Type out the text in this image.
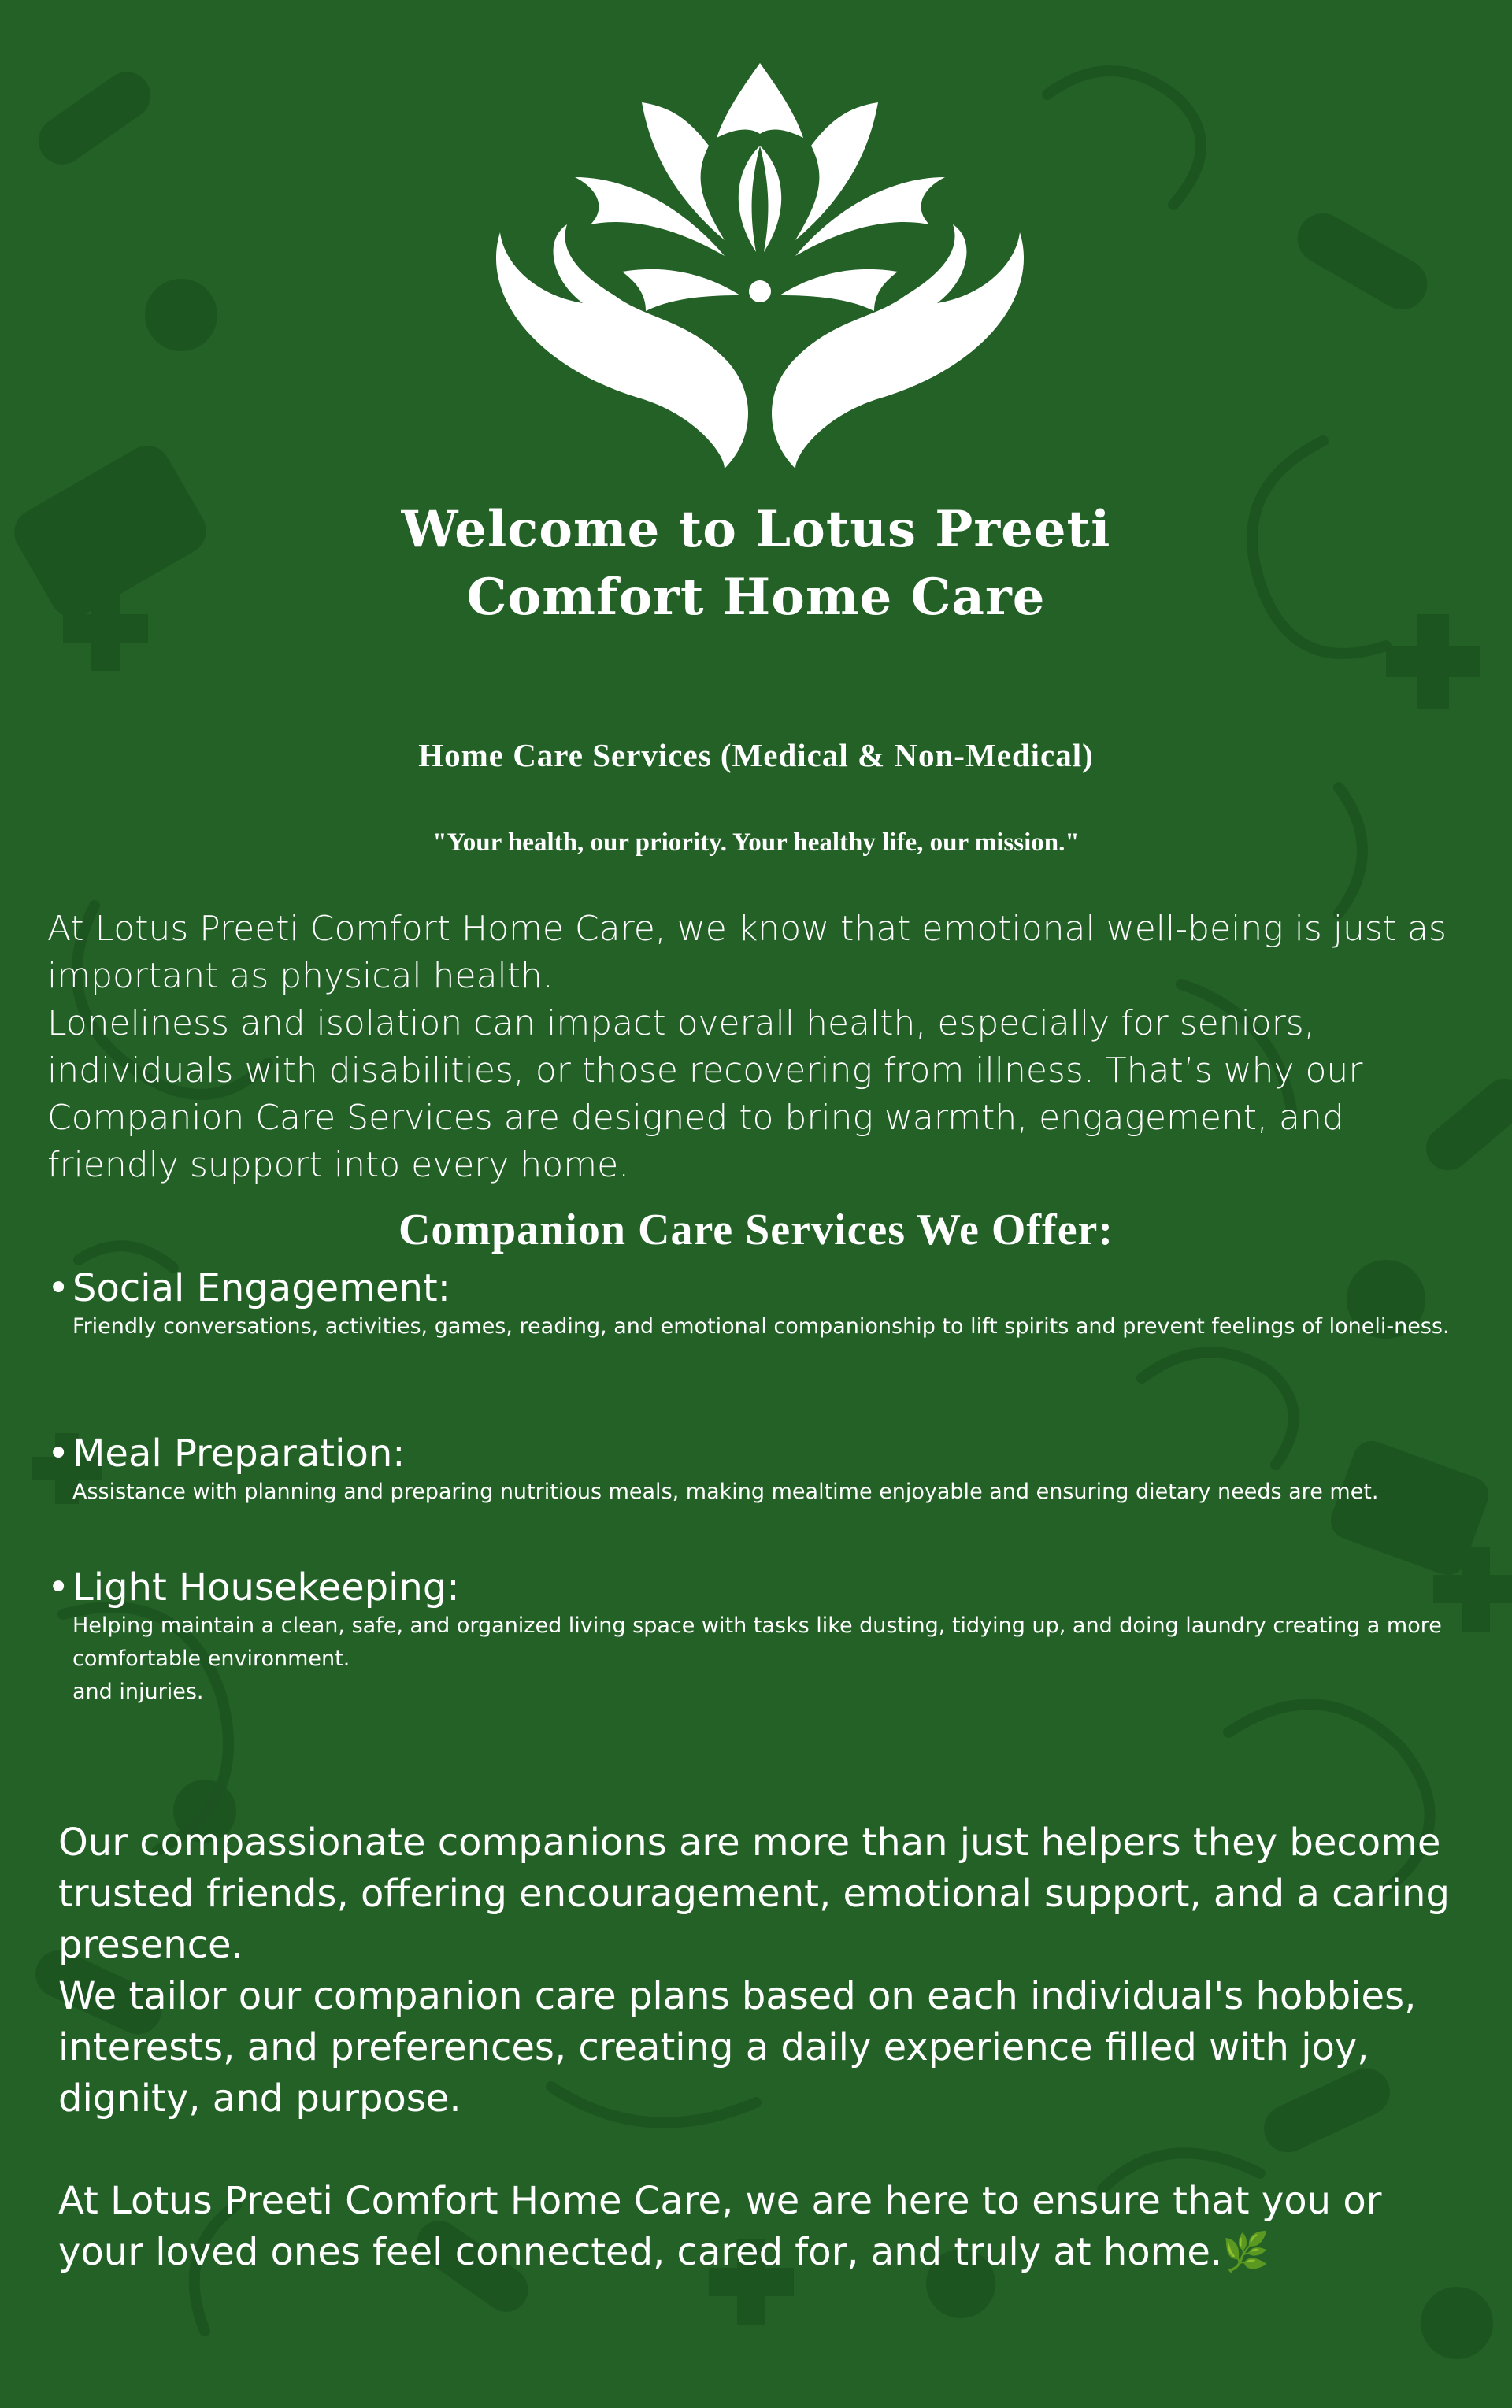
Welcome to Lotus Preeti
Comfort Home Care
Home Care Services (Medical & Non-Medical)
"Your health, our priority. Your healthy life, our mission."

At Lotus Preeti Comfort Home Care, we know that emotional well-being is just as important as physical health.

Loneliness and isolation can impact overall health, especially for seniors, individuals with disabilities, or those recovering from illness. That’s why our Companion Care Services are designed to bring warmth, engagement, and friendly support into every home.

Companion Care Services We Offer:
• Social Engagement:
Friendly conversations, activities, games, reading, and emotional companionship to lift spirits and prevent feelings of loneli-ness.
• Meal Preparation:
Assistance with planning and preparing nutritious meals, making mealtime enjoyable and ensuring dietary needs are met.
• Light Housekeeping:
Helping maintain a clean, safe, and organized living space with tasks like dusting, tidying up, and doing laundry creating a more comfortable environment.
and injuries.

Our compassionate companions are more than just helpers they become trusted friends, offering encouragement, emotional support, and a caring presence.

We tailor our companion care plans based on each individual's hobbies, interests, and preferences, creating a daily experience filled with joy, dignity, and purpose.

At Lotus Preeti Comfort Home Care, we are here to ensure that you or your loved ones feel connected, cared for, and truly at home.🌿
